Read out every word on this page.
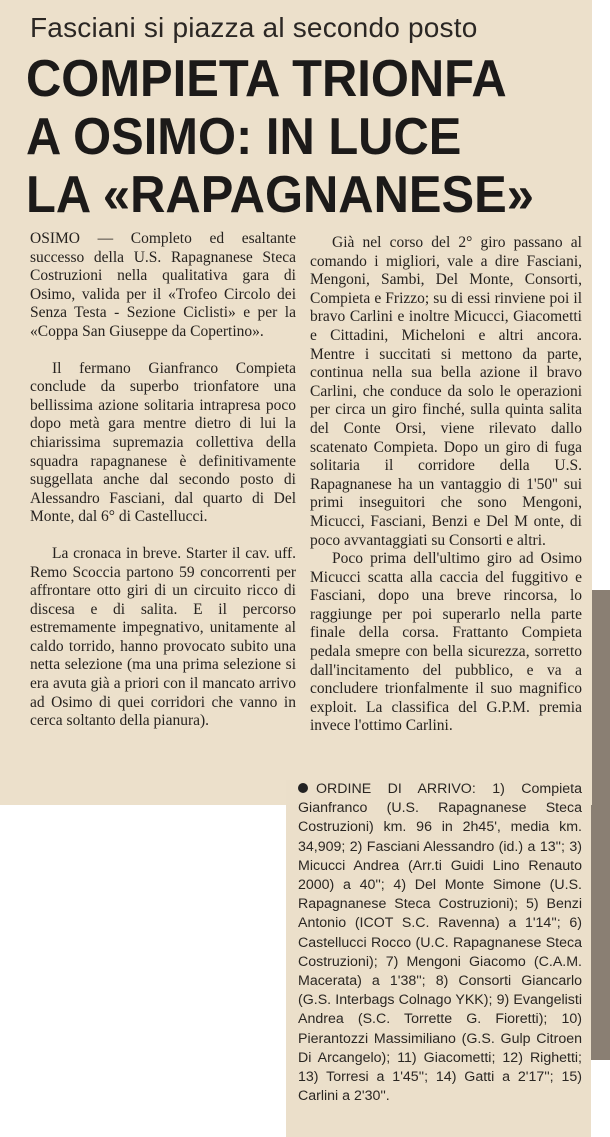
Fasciani si piazza al secondo posto
COMPIETA TRIONFA
A OSIMO: IN LUCE
LA «RAPAGNANESE»

OSIMO — Completo ed esaltante successo della U.S. Rapagnanese Steca Costruzioni nella qualitativa gara di Osimo, valida per il «Trofeo Circolo dei Senza Testa - Sezione Ciclisti» e per la «Coppa San Giuseppe da Copertino».

Il fermano Gianfranco Compieta conclude da superbo trionfatore una bellissima azione solitaria intrapresa poco dopo metà gara mentre dietro di lui la chiarissima supremazia collettiva della squadra rapagnanese è definitivamente suggellata anche dal secondo posto di Alessandro Fasciani, dal quarto di Del Monte, dal 6° di Castellucci.

La cronaca in breve. Starter il cav. uff. Remo Scoccia partono 59 concorrenti per affrontare otto giri di un circuito ricco di discesa e di salita. E il percorso estremamente impegnativo, unitamente al caldo torrido, hanno provocato subito una netta selezione (ma una prima selezione si era avuta già a priori con il mancato arrivo ad Osimo di quei corridori che vanno in cerca soltanto della pianura).

Già nel corso del 2° giro passano al comando i migliori, vale a dire Fasciani, Mengoni, Sambi, Del Monte, Consorti, Compieta e Frizzo; su di essi rinviene poi il bravo Carlini e inoltre Micucci, Giacometti e Cittadini, Micheloni e altri ancora. Mentre i succitati si mettono da parte, continua nella sua bella azione il bravo Carlini, che conduce da solo le operazioni per circa un giro finché, sulla quinta salita del Conte Orsi, viene rilevato dallo scatenato Compieta. Dopo un giro di fuga solitaria il corridore della U.S. Rapagnanese ha un vantaggio di 1'50'' sui primi inseguitori che sono Mengoni, Micucci, Fasciani, Benzi e Del M onte, di poco avvantaggiati su Consorti e altri.

Poco prima dell'ultimo giro ad Osimo Micucci scatta alla caccia del fuggitivo e Fasciani, dopo una breve rincorsa, lo raggiunge per poi superarlo nella parte finale della corsa. Frattanto Compieta pedala smepre con bella sicurezza, sorretto dall'incitamento del pubblico, e va a concludere trionfalmente il suo magnifico exploit. La classifica del G.P.M. premia invece l'ottimo Carlini.

ORDINE DI ARRIVO: 1) Compieta Gianfranco (U.S. Rapagnanese Steca Costruzioni) km. 96 in 2h45', media km. 34,909; 2) Fasciani Alessandro (id.) a 13''; 3) Micucci Andrea (Arr.ti Guidi Lino Renauto 2000) a 40''; 4) Del Monte Simone (U.S. Rapagnanese Steca Costruzioni); 5) Benzi Antonio (ICOT S.C. Ravenna) a 1'14''; 6) Castellucci Rocco (U.C. Rapagnanese Steca Costruzioni); 7) Mengoni Giacomo (C.A.M. Macerata) a 1'38''; 8) Consorti Giancarlo (G.S. Interbags Colnago YKK); 9) Evangelisti Andrea (S.C. Torrette G. Fioretti); 10) Pierantozzi Massimiliano (G.S. Gulp Citroen Di Arcangelo); 11) Giacometti; 12) Righetti; 13) Torresi a 1'45''; 14) Gatti a 2'17''; 15) Carlini a 2'30''.
